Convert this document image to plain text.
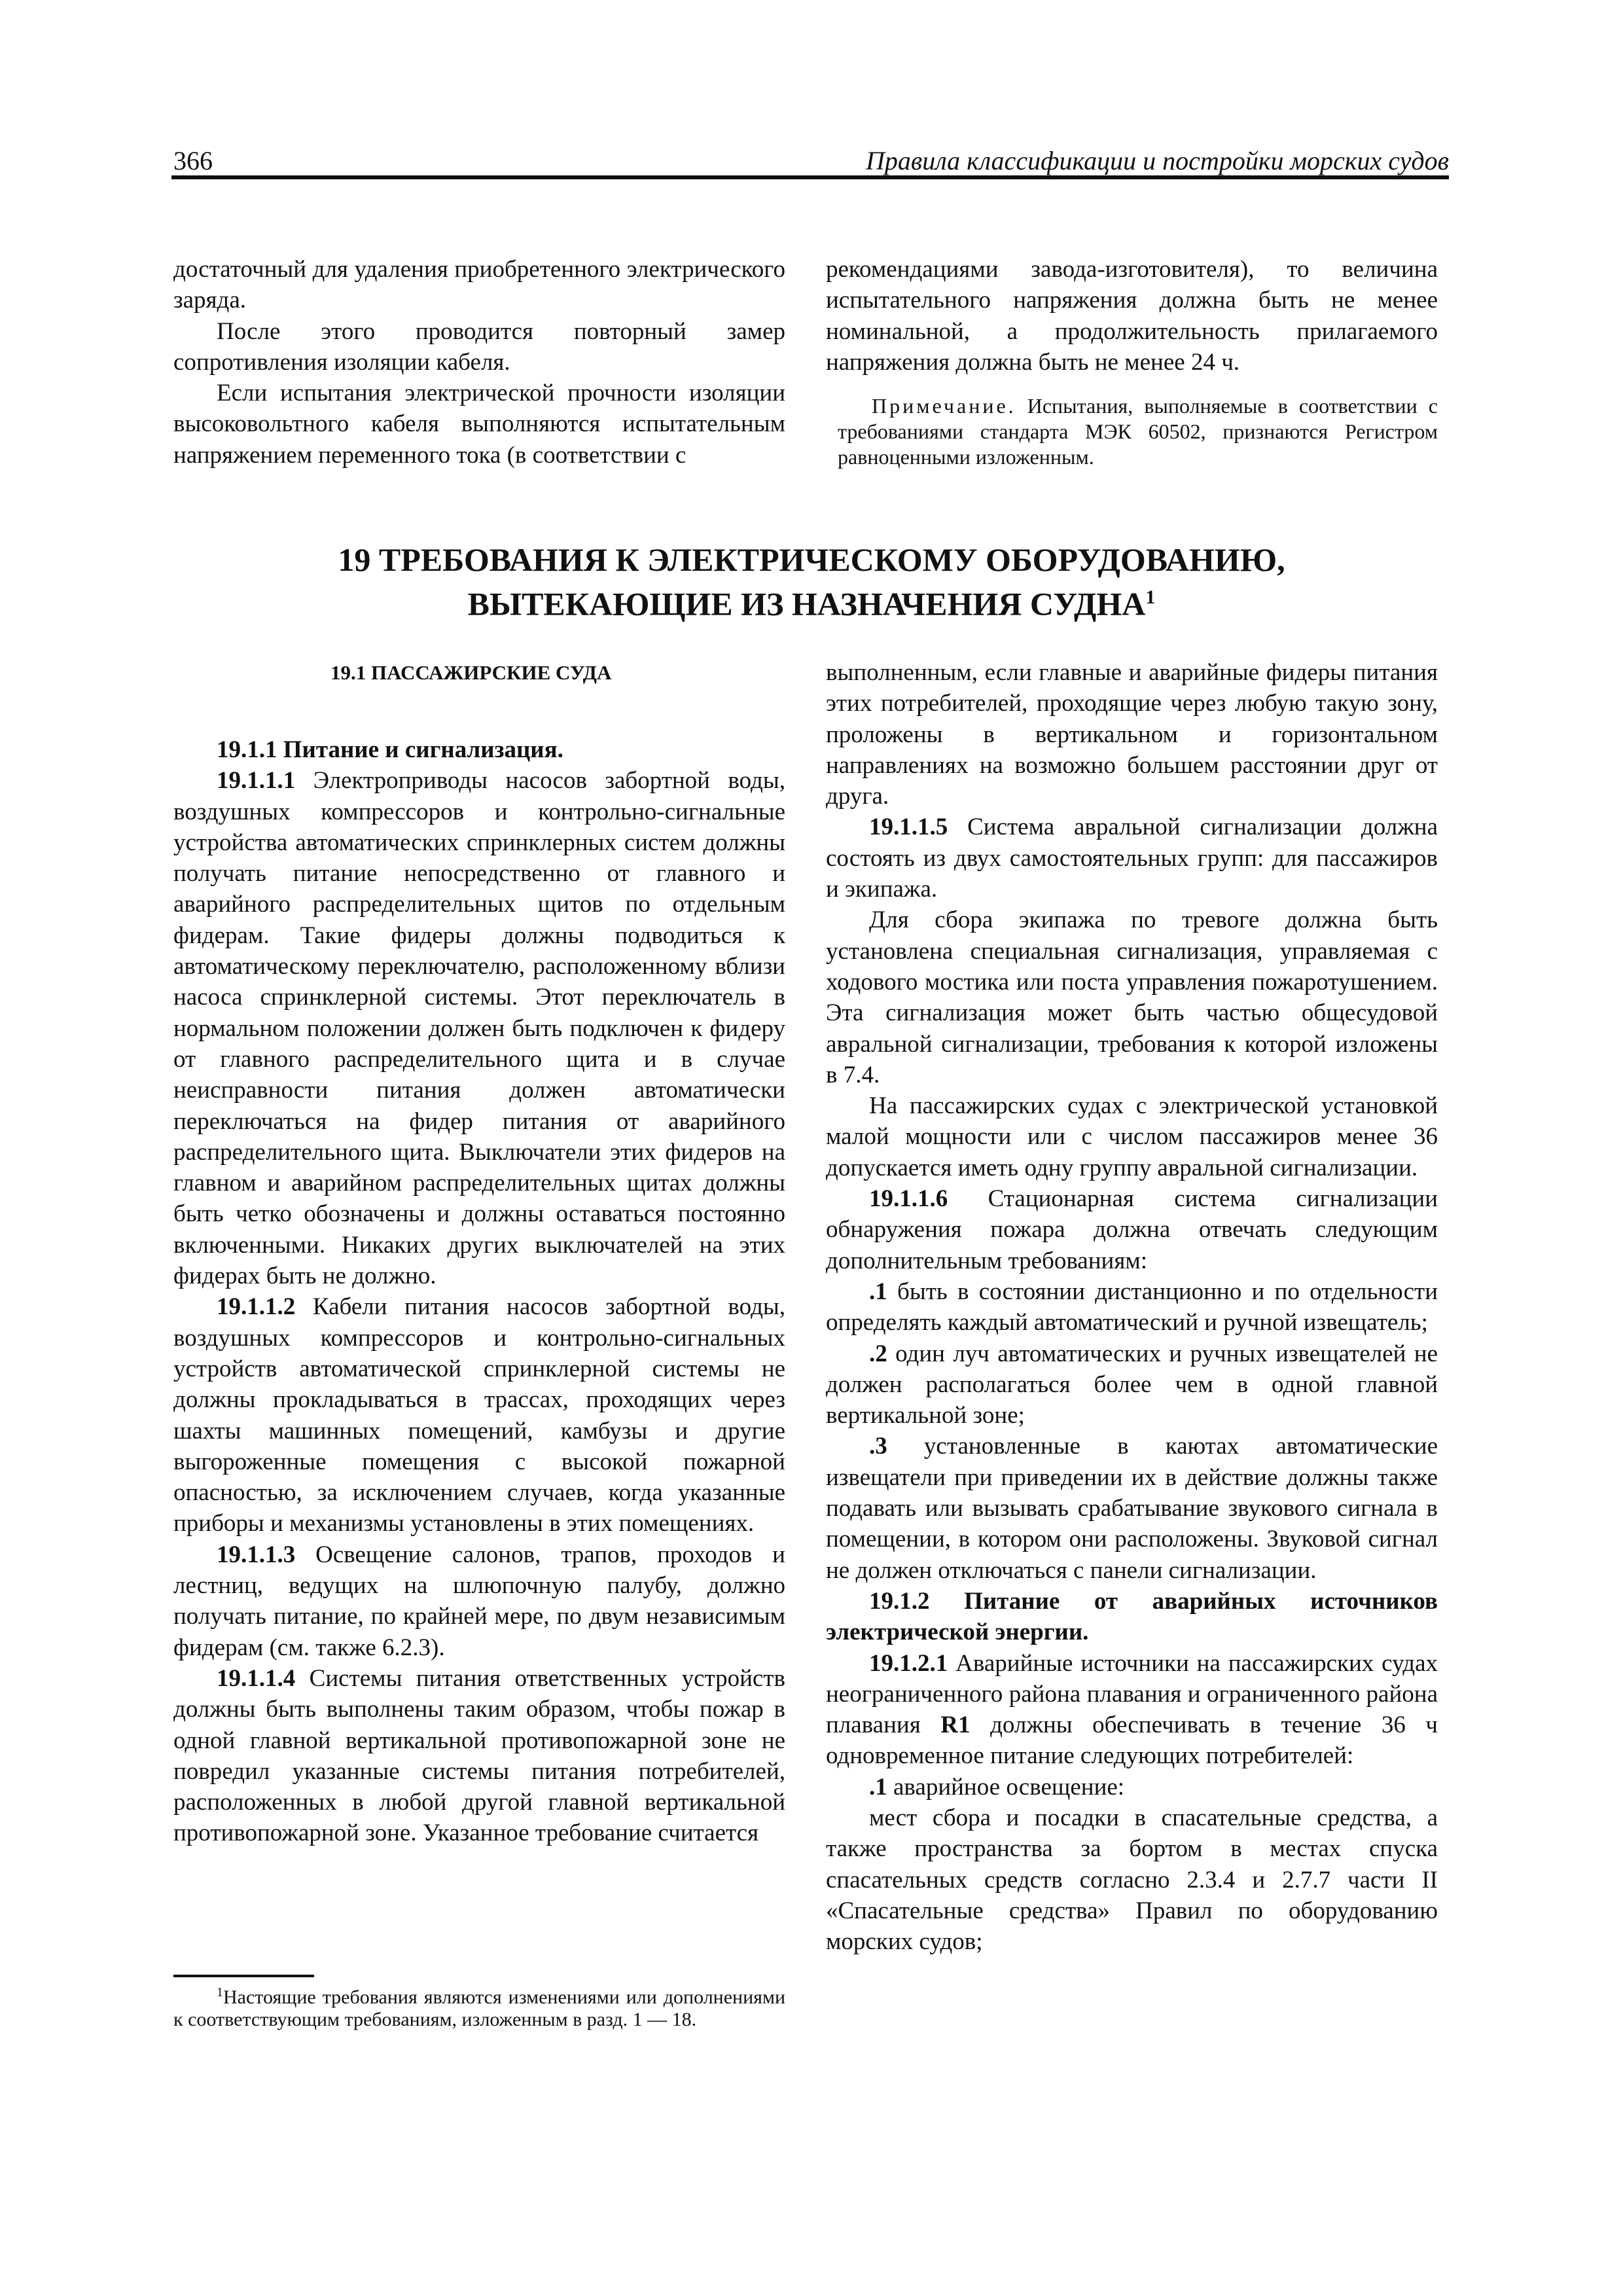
366	Правила классификации и постройки морских судов

достаточный для удаления приобретенного электрического заряда.

После этого проводится повторный замер сопротивления изоляции кабеля.

Если испытания электрической прочности изоляции высоковольтного кабеля выполняются испытательным напряжением переменного тока (в соответствии с

рекомендациями завода-изготовителя), то величина испытательного напряжения должна быть не менее номинальной, а продолжительность прилагаемого напряжения должна быть не менее 24 ч.

Примечание. Испытания, выполняемые в соответствии с требованиями стандарта МЭК 60502, признаются Регистром равноценными изложенным.

19 ТРЕБОВАНИЯ К ЭЛЕКТРИЧЕСКОМУ ОБОРУДОВАНИЮ,
ВЫТЕКАЮЩИЕ ИЗ НАЗНАЧЕНИЯ СУДНА$^1$

19.1 ПАССАЖИРСКИЕ СУДА

19.1.1 Питание и сигнализация.

19.1.1.1 Электроприводы насосов забортной воды, воздушных компрессоров и контрольно-сигнальные устройства автоматических спринклерных систем должны получать питание непосредственно от главного и аварийного распределительных щитов по отдельным фидерам. Такие фидеры должны подводиться к автоматическому переключателю, расположенному вблизи насоса спринклерной системы. Этот переключатель в нормальном положении должен быть подключен к фидеру от главного распределительного щита и в случае неисправности питания должен автоматически переключаться на фидер питания от аварийного распределительного щита. Выключатели этих фидеров на главном и аварийном распределительных щитах должны быть четко обозначены и должны оставаться постоянно включенными. Никаких других выключателей на этих фидерах быть не должно.

19.1.1.2 Кабели питания насосов забортной воды, воздушных компрессоров и контрольно-сигнальных устройств автоматической спринклерной системы не должны прокладываться в трассах, проходящих через шахты машинных помещений, камбузы и другие выгороженные помещения с высокой пожарной опасностью, за исключением случаев, когда указанные приборы и механизмы установлены в этих помещениях.

19.1.1.3 Освещение салонов, трапов, проходов и лестниц, ведущих на шлюпочную палубу, должно получать питание, по крайней мере, по двум независимым фидерам (см. также 6.2.3).

19.1.1.4 Системы питания ответственных устройств должны быть выполнены таким образом, чтобы пожар в одной главной вертикальной противопожарной зоне не повредил указанные системы питания потребителей, расположенных в любой другой главной вертикальной противопожарной зоне. Указанное требование считается

выполненным, если главные и аварийные фидеры питания этих потребителей, проходящие через любую такую зону, проложены в вертикальном и горизонтальном направлениях на возможно большем расстоянии друг от друга.

19.1.1.5 Система авральной сигнализации должна состоять из двух самостоятельных групп: для пассажиров и экипажа.

Для сбора экипажа по тревоге должна быть установлена специальная сигнализация, управляемая с ходового мостика или поста управления пожаротушением. Эта сигнализация может быть частью общесудовой авральной сигнализации, требования к которой изложены в 7.4.

На пассажирских судах с электрической установкой малой мощности или с числом пассажиров менее 36 допускается иметь одну группу авральной сигнализации.

19.1.1.6 Стационарная система сигнализации обнаружения пожара должна отвечать следующим дополнительным требованиям:

.1 быть в состоянии дистанционно и по отдельности определять каждый автоматический и ручной извещатель;

.2 один луч автоматических и ручных извещателей не должен располагаться более чем в одной главной вертикальной зоне;

.3 установленные в каютах автоматические извещатели при приведении их в действие должны также подавать или вызывать срабатывание звукового сигнала в помещении, в котором они расположены. Звуковой сигнал не должен отключаться с панели сигнализации.

19.1.2 Питание от аварийных источников электрической энергии.

19.1.2.1 Аварийные источники на пассажирских судах неограниченного района плавания и ограниченного района плавания R1 должны обеспечивать в течение 36 ч одновременное питание следующих потребителей:

.1 аварийное освещение:

мест сбора и посадки в спасательные средства, а также пространства за бортом в местах спуска спасательных средств согласно 2.3.4 и 2.7.7 части II «Спасательные средства» Правил по оборудованию морских судов;

$^1$Настоящие требования являются изменениями или дополнениями к соответствующим требованиям, изложенным в разд. 1 — 18.
